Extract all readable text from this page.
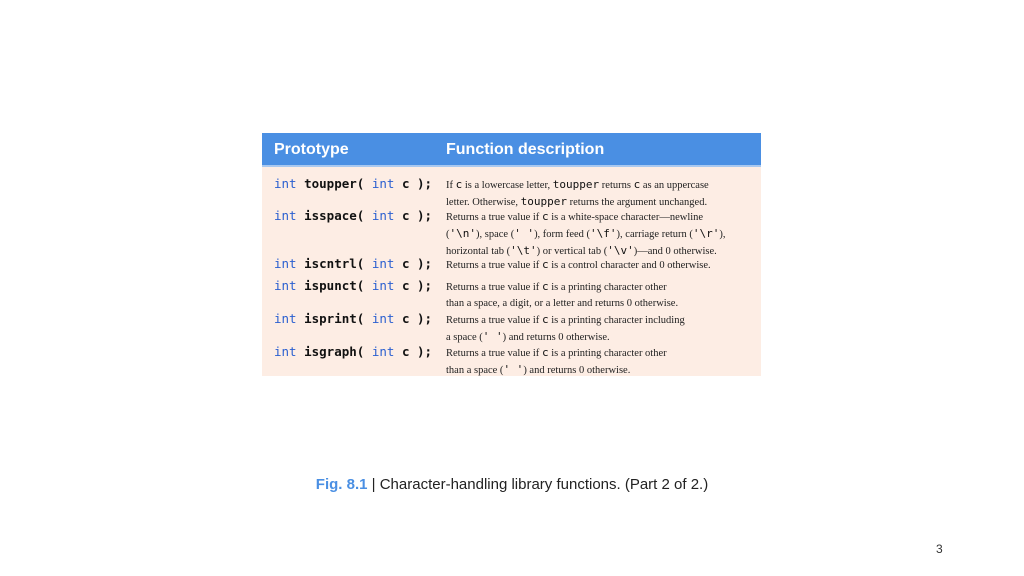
Prototype	Function description
int toupper( int c ); If c is a lowercase letter, toupper returns c as an uppercase
letter. Otherwise, toupper returns the argument unchanged.
int isspace( int c ); Returns a true value if c is a white-space character—newline
('\n'), space (' '), form feed ('\f'), carriage return ('\r'),
horizontal tab ('\t') or vertical tab ('\v')—and 0 otherwise.
int iscntrl( int c ); Returns a true value if c is a control character and 0 otherwise.
int ispunct( int c ); Returns a true value if c is a printing character other
than a space, a digit, or a letter and returns 0 otherwise.
int isprint( int c ); Returns a true value if c is a printing character including
a space (' ') and returns 0 otherwise.
int isgraph( int c ); Returns a true value if c is a printing character other
than a space (' ') and returns 0 otherwise.
Fig. 8.1 | Character-handling library functions. (Part 2 of 2.)
3
